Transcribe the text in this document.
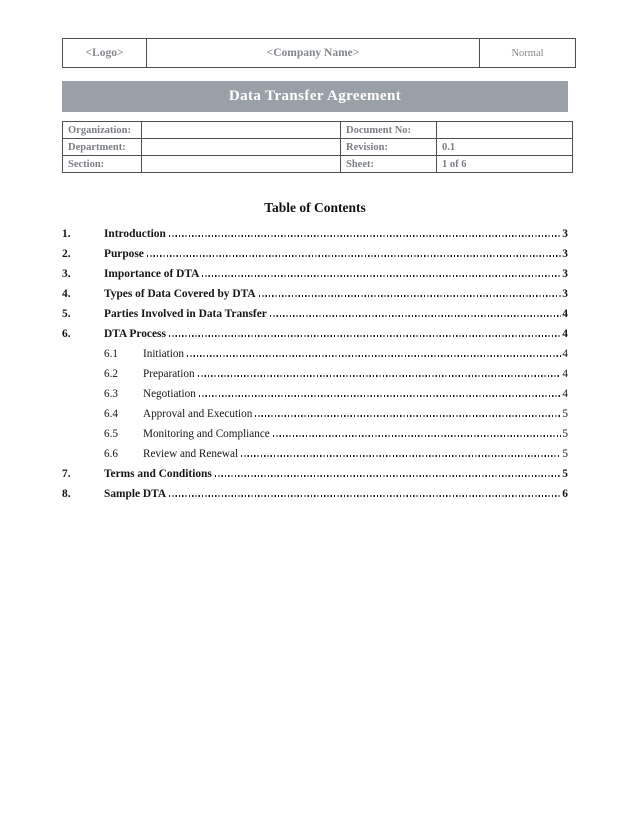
<Logo>	<Company Name>	Normal
Data Transfer Agreement
Organization:		Document No:	
Department:		Revision:	0.1
Section:		Sheet:	1 of 6
Table of Contents
1.	Introduction	3
2.	Purpose	3
3.	Importance of DTA	3
4.	Types of Data Covered by DTA	3
5.	Parties Involved in Data Transfer	4
6.	DTA Process	4
6.1	Initiation	4
6.2	Preparation	4
6.3	Negotiation	4
6.4	Approval and Execution	5
6.5	Monitoring and Compliance	5
6.6	Review and Renewal	5
7.	Terms and Conditions	5
8.	Sample DTA	6
